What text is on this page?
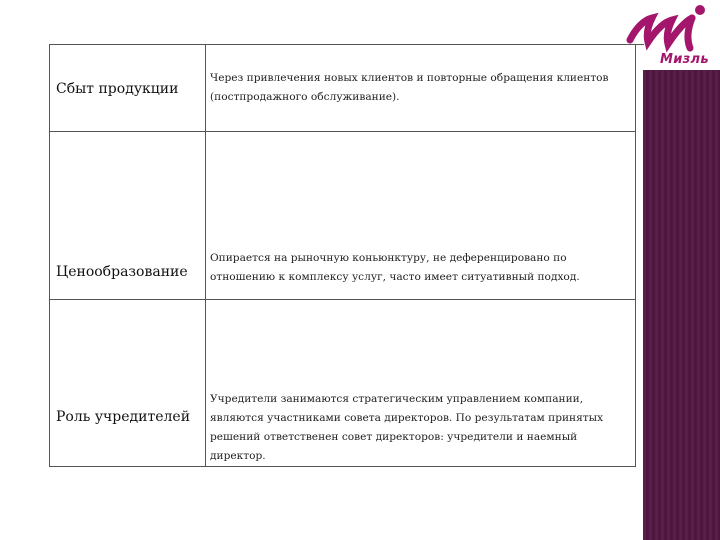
Мизль
Сбыт продукции
Через привлечения новых клиентов и повторные обращения клиентов (постпродажного обслуживание).
Ценообразование
Опирается на рыночную коньюнктуру, не деференцировано по отношению к комплексу услуг, часто имеет ситуативный подход.
Роль учредителей
Учредители занимаются стратегическим управлением компании, являются участниками совета директоров. По результатам принятых решений ответственен совет директоров: учредители и наемный директор.
